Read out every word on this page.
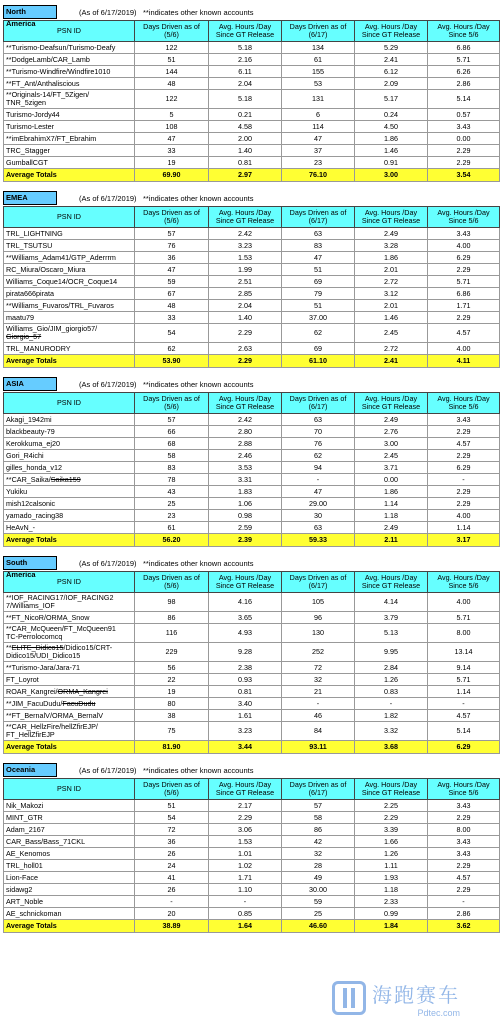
North America
(As of 6/17/2019) **indicates other known accounts
PSN ID	Days Driven as of (5/6)	Avg. Hours /Day Since GT Release	Days Driven as of (6/17)	Avg. Hours /Day Since GT Release	Avg. Hours /Day Since 5/6
**Turismo-Deafsun/Turismo-Deafy	122	5.18	134	5.29	6.86
**DodgeLamb/CAR_Lamb	51	2.16	61	2.41	5.71
**Turismo-Windfire/Windfire1010	144	6.11	155	6.12	6.26
**FT_Ant/Anthaliscious	48	2.04	53	2.09	2.86
**Originals-14/FT_5Zigen/
TNR_5zigen	122	5.18	131	5.17	5.14
Turismo-Jordy44	5	0.21	6	0.24	0.57
Turismo-Lester	108	4.58	114	4.50	3.43
**imEbrahimX7/FT_Ebrahim	47	2.00	47	1.86	0.00
TRC_Stagger	33	1.40	37	1.46	2.29
GumballCGT	19	0.81	23	0.91	2.29
Average Totals	69.90	2.97	76.10	3.00	3.54
EMEA	(As of 6/17/2019) **indicates other known accounts
PSN ID	Days Driven as of (5/6)	Avg. Hours /Day Since GT Release	Days Driven as of (6/17)	Avg. Hours /Day Since GT Release	Avg. Hours /Day Since 5/6
TRL_LIGHTNING	57	2.42	63	2.49	3.43
TRL_TSUTSU	76	3.23	83	3.28	4.00
**Williams_Adam41/GTP_Aderrrm	36	1.53	47	1.86	6.29
RC_Miura/Oscaro_Miura	47	1.99	51	2.01	2.29
Williams_Coque14/OCR_Coque14	59	2.51	69	2.72	5.71
pirata666pirata	67	2.85	79	3.12	6.86
**Williams_Fuvaros/TRL_Fuvaros	48	2.04	51	2.01	1.71
maatu79	33	1.40	37.00	1.46	2.29
Williams_Gio/JIM_giorgio57/
Giorgio_57	54	2.29	62	2.45	4.57
TRL_MANURODRY	62	2.63	69	2.72	4.00
Average Totals	53.90	2.29	61.10	2.41	4.11
ASIA	(As of 6/17/2019) **indicates other known accounts
PSN ID	Days Driven as of (5/6)	Avg. Hours /Day Since GT Release	Days Driven as of (6/17)	Avg. Hours /Day Since GT Release	Avg. Hours /Day Since 5/6
Akagi_1942mi	57	2.42	63	2.49	3.43
blackbeauty-79	66	2.80	70	2.76	2.29
Kerokkuma_ej20	68	2.88	76	3.00	4.57
Gori_R4ichi	58	2.46	62	2.45	2.29
gilles_honda_v12	83	3.53	94	3.71	6.29
**CAR_Saika/Saika159	78	3.31	-	0.00	-
Yukiku	43	1.83	47	1.86	2.29
mish12calsonic	25	1.06	29.00	1.14	2.29
yamado_racing38	23	0.98	30	1.18	4.00
HeAvN_-	61	2.59	63	2.49	1.14
Average Totals	56.20	2.39	59.33	2.11	3.17
South America
(As of 6/17/2019) **indicates other known accounts
PSN ID	Days Driven as of (5/6)	Avg. Hours /Day Since GT Release	Days Driven as of (6/17)	Avg. Hours /Day Since GT Release	Avg. Hours /Day Since 5/6
**IOF_RACING17/IOF_RACING2
7/Williams_IOF	98	4.16	105	4.14	4.00
**FT_NicoR/ORMA_Snow	86	3.65	96	3.79	5.71
**CAR_McQueen/FT_McQueen91
TC-Perrolocomcq	116	4.93	130	5.13	8.00
**ELITE_Didico15/Didico15/CRT-
Didico15/UDI_Didico15	229	9.28	252	9.95	13.14
**Turismo-Jara/Jara-71	56	2.38	72	2.84	9.14
FT_Loyrot	22	0.93	32	1.26	5.71
ROAR_Kangrei/ORMA_Kangrei	19	0.81	21	0.83	1.14
**JIM_FacuDudu/FacuDudu	80	3.40	-	-	-
**FT_BernalV/ORMA_BernalV	38	1.61	46	1.82	4.57
**CAR_HellzFire/hellZfirEJP/
FT_HellZfirEJP	75	3.23	84	3.32	5.14
Average Totals	81.90	3.44	93.11	3.68	6.29
Oceania	(As of 6/17/2019) **indicates other known accounts
PSN ID	Days Driven as of (5/6)	Avg. Hours /Day Since GT Release	Days Driven as of (6/17)	Avg. Hours /Day Since GT Release	Avg. Hours /Day Since 5/6
Nik_Makozi	51	2.17	57	2.25	3.43
MINT_GTR	54	2.29	58	2.29	2.29
Adam_2167	72	3.06	86	3.39	8.00
CAR_Bass/Bass_71CKL	36	1.53	42	1.66	3.43
AE_Kenomos	26	1.01	32	1.26	3.43
TRL_holl01	24	1.02	28	1.11	2.29
Lion-Face	41	1.71	49	1.93	4.57
sidawg2	26	1.10	30.00	1.18	2.29
ART_Noble	-	-	59	2.33	-
AE_schnickoman	20	0.85	25	0.99	2.86
Average Totals	38.89	1.64	46.60	1.84	3.62
海跑赛车
Pdtec.com
